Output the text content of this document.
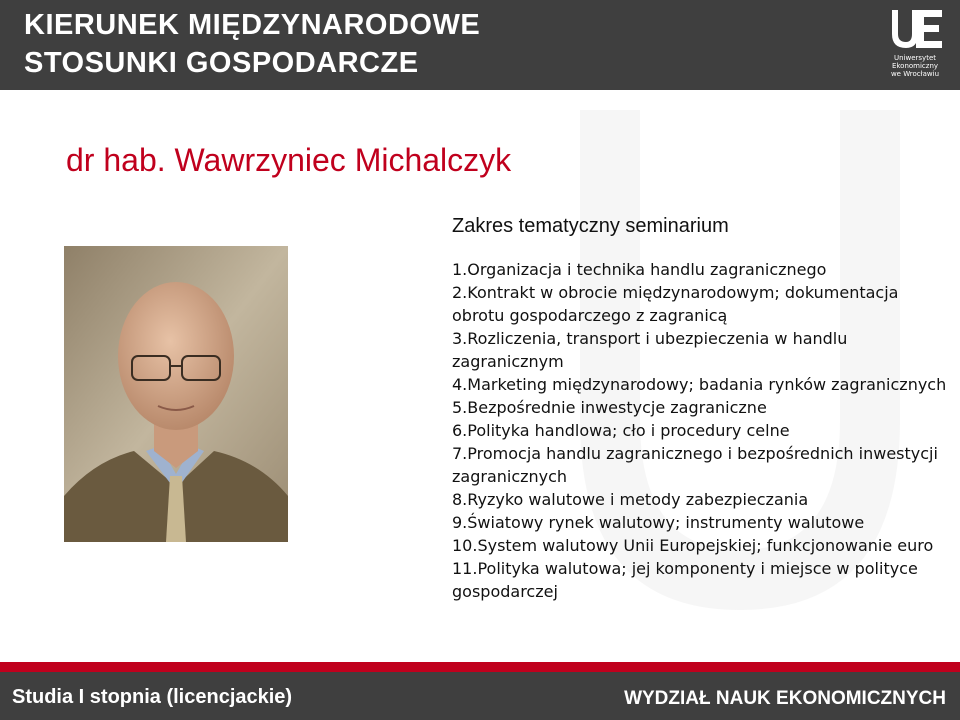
KIERUNEK MIĘDZYNARODOWE
STOSUNKI GOSPODARCZE	Uniwersytet
Ekonomiczny
we Wrocławiu
dr hab. Wawrzyniec Michalczyk
Zakres tematyczny seminarium
1.Organizacja i technika handlu zagranicznego
2.Kontrakt w obrocie międzynarodowym; dokumentacja obrotu gospodarczego z zagranicą
3.Rozliczenia, transport i ubezpieczenia w handlu zagranicznym
4.Marketing międzynarodowy; badania rynków zagranicznych
5.Bezpośrednie inwestycje zagraniczne
6.Polityka handlowa; cło i procedury celne
7.Promocja handlu zagranicznego i bezpośrednich inwestycji zagranicznych
8.Ryzyko walutowe i metody zabezpieczania
9.Światowy rynek walutowy; instrumenty walutowe
10.System walutowy Unii Europejskiej; funkcjonowanie euro
11.Polityka walutowa; jej komponenty i miejsce w polityce gospodarczej
Studia I stopnia (licencjackie)	WYDZIAŁ NAUK EKONOMICZNYCH
